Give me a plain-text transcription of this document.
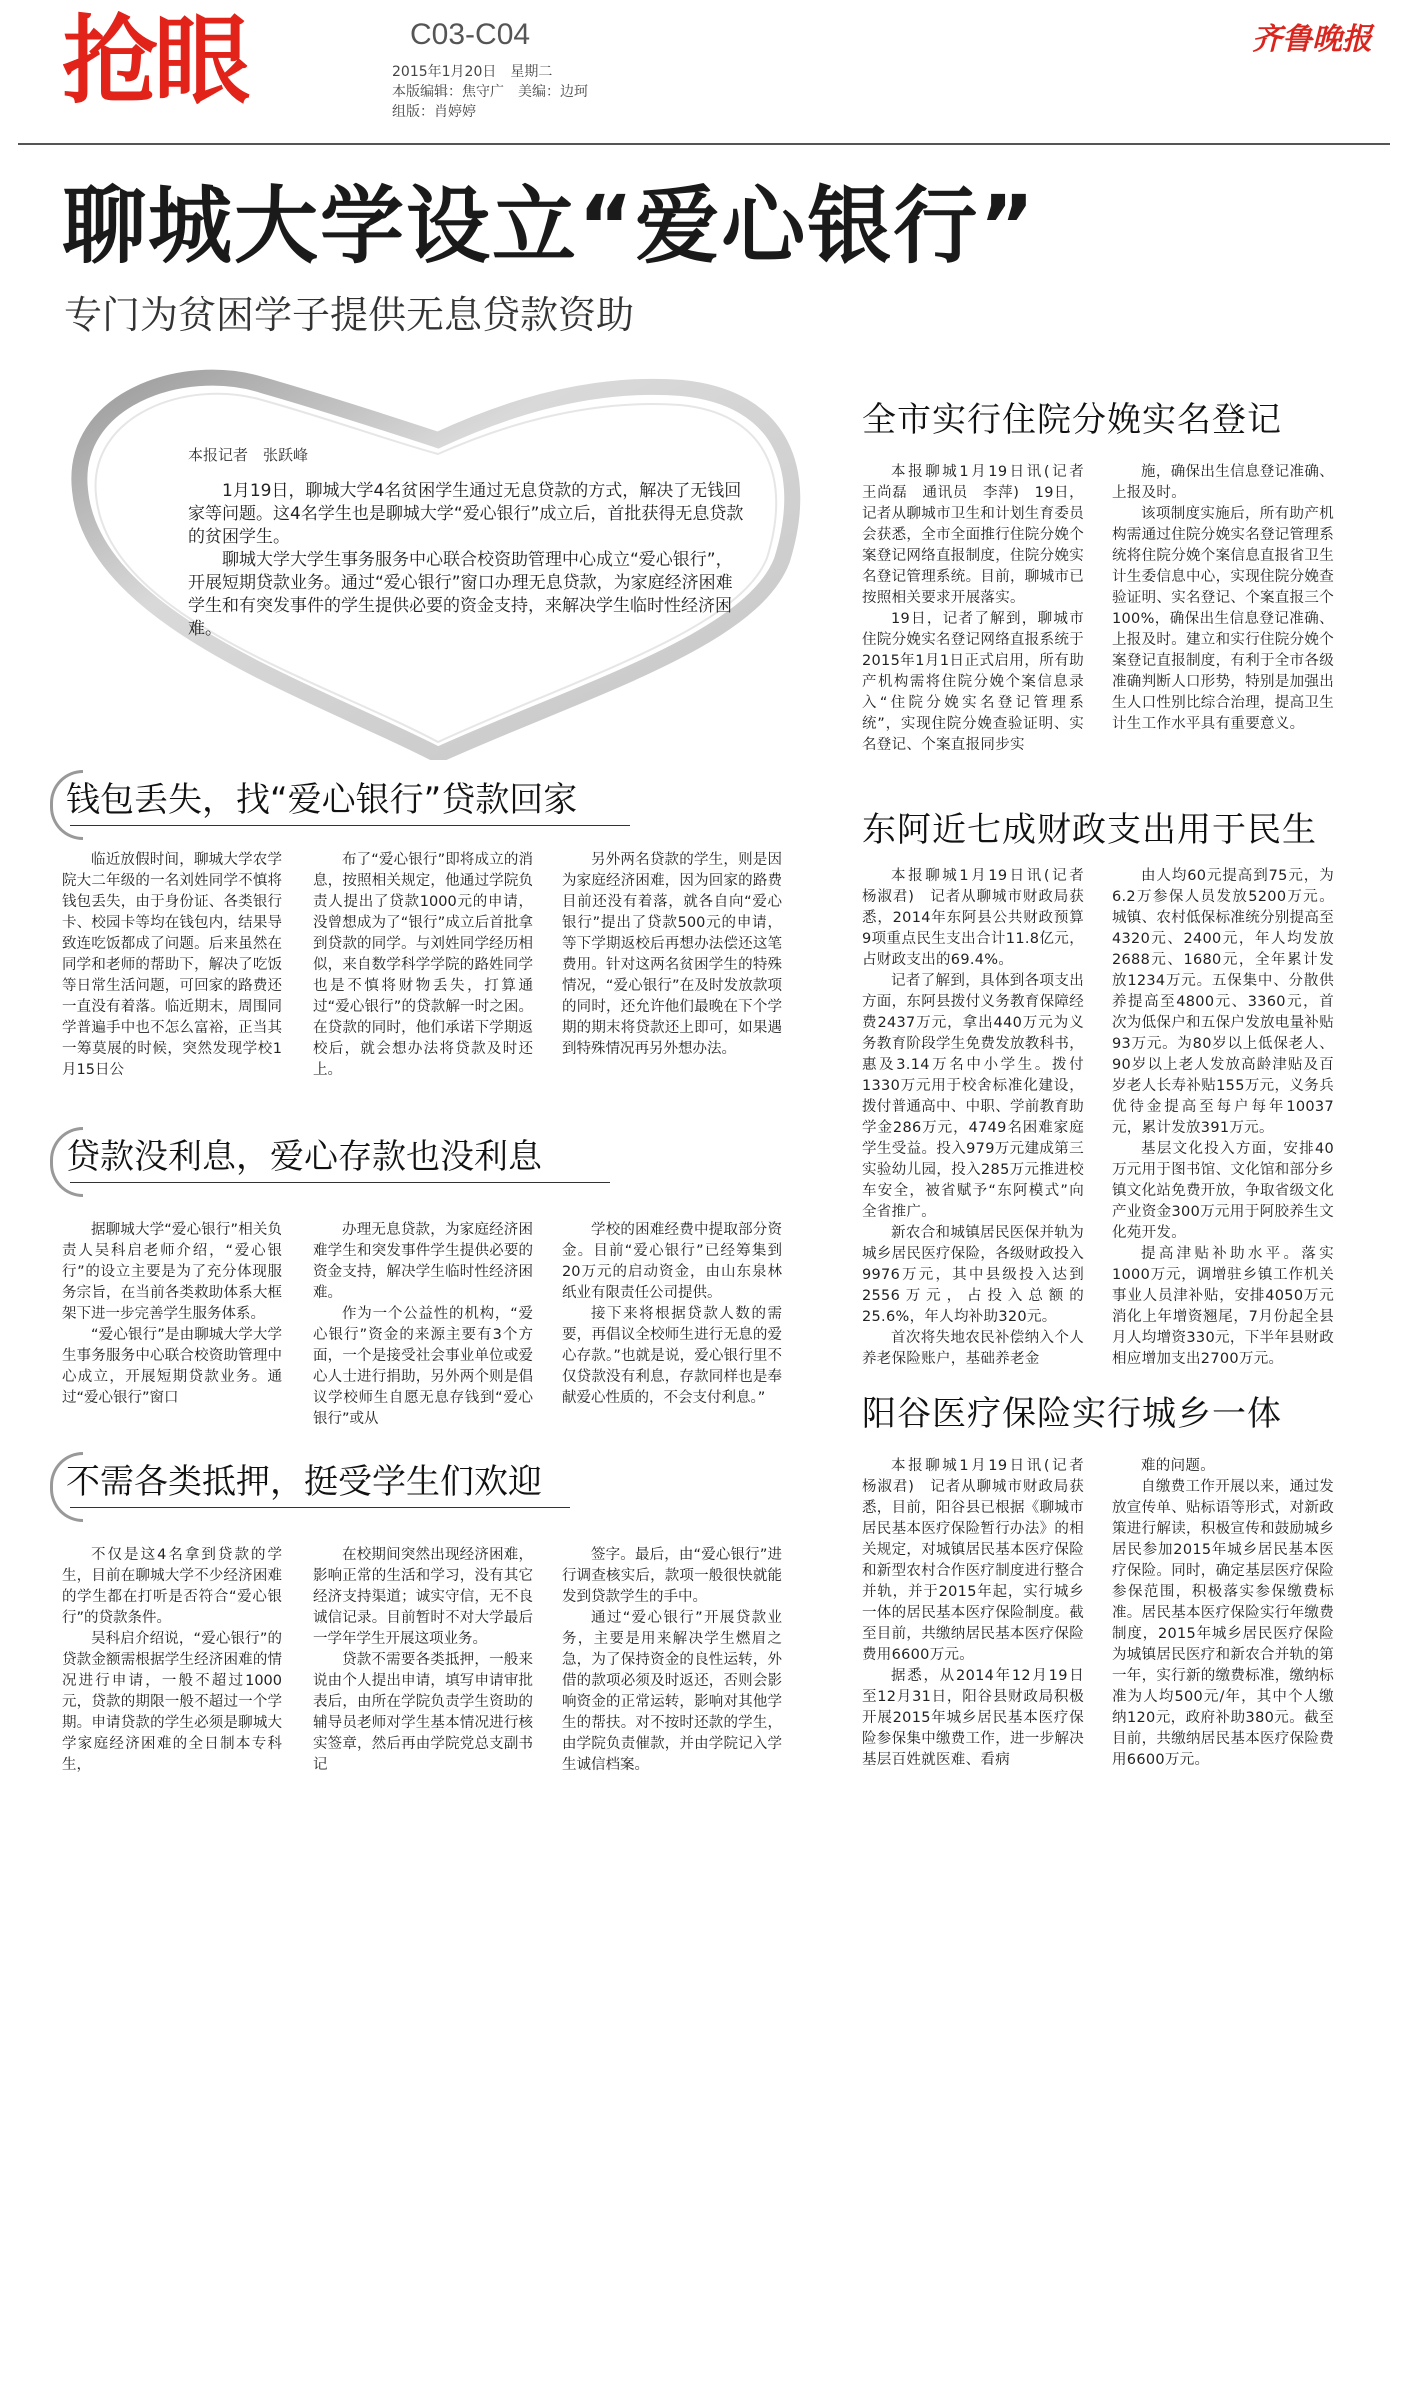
抢眼	C03-C04
2015年1月20日　星期二
本版编辑：焦守广　美编：边珂
组版：肖婷婷
齐鲁晚报
聊城大学设立“爱心银行”
专门为贫困学子提供无息贷款资助
本报记者　张跃峰

1月19日，聊城大学4名贫困学生通过无息贷款的方式，解决了无钱回家等问题。这4名学生也是聊城大学“爱心银行”成立后，首批获得无息贷款的贫困学生。

聊城大学大学生事务服务中心联合校资助管理中心成立“爱心银行”，开展短期贷款业务。通过“爱心银行”窗口办理无息贷款，为家庭经济困难学生和有突发事件的学生提供必要的资金支持，来解决学生临时性经济困难。

钱包丢失，找“爱心银行”贷款回家

临近放假时间，聊城大学农学院大二年级的一名刘姓同学不慎将钱包丢失，由于身份证、各类银行卡、校园卡等均在钱包内，结果导致连吃饭都成了问题。后来虽然在同学和老师的帮助下，解决了吃饭等日常生活问题，可回家的路费还一直没有着落。临近期末，周围同学普遍手中也不怎么富裕，正当其一筹莫展的时候，突然发现学校1月15日公

布了“爱心银行”即将成立的消息，按照相关规定，他通过学院负责人提出了贷款1000元的申请，没曾想成为了“银行”成立后首批拿到贷款的同学。与刘姓同学经历相似，来自数学科学学院的路姓同学也是不慎将财物丢失，打算通过“爱心银行”的贷款解一时之困。在贷款的同时，他们承诺下学期返校后，就会想办法将贷款及时还上。

另外两名贷款的学生，则是因为家庭经济困难，因为回家的路费目前还没有着落，就各自向“爱心银行”提出了贷款500元的申请，等下学期返校后再想办法偿还这笔费用。针对这两名贫困学生的特殊情况，“爱心银行”在及时发放款项的同时，还允许他们最晚在下个学期的期末将贷款还上即可，如果遇到特殊情况再另外想办法。

贷款没利息，爱心存款也没利息

据聊城大学“爱心银行”相关负责人吴科启老师介绍，“爱心银行”的设立主要是为了充分体现服务宗旨，在当前各类救助体系大框架下进一步完善学生服务体系。

“爱心银行”是由聊城大学大学生事务服务中心联合校资助管理中心成立，开展短期贷款业务。通过“爱心银行”窗口

办理无息贷款，为家庭经济困难学生和突发事件学生提供必要的资金支持，解决学生临时性经济困难。

作为一个公益性的机构，“爱心银行”资金的来源主要有3个方面，一个是接受社会事业单位或爱心人士进行捐助，另外两个则是倡议学校师生自愿无息存钱到“爱心银行”或从

学校的困难经费中提取部分资金。目前“爱心银行”已经筹集到20万元的启动资金，由山东泉林纸业有限责任公司提供。

接下来将根据贷款人数的需要，再倡议全校师生进行无息的爱心存款。”也就是说，爱心银行里不仅贷款没有利息，存款同样也是奉献爱心性质的，不会支付利息。”

不需各类抵押，挺受学生们欢迎

不仅是这4名拿到贷款的学生，目前在聊城大学不少经济困难的学生都在打听是否符合“爱心银行”的贷款条件。

吴科启介绍说，“爱心银行”的贷款金额需根据学生经济困难的情况进行申请，一般不超过1000元，贷款的期限一般不超过一个学期。申请贷款的学生必须是聊城大学家庭经济困难的全日制本专科生，

在校期间突然出现经济困难，影响正常的生活和学习，没有其它经济支持渠道；诚实守信，无不良诚信记录。目前暂时不对大学最后一学年学生开展这项业务。

贷款不需要各类抵押，一般来说由个人提出申请，填写申请审批表后，由所在学院负责学生资助的辅导员老师对学生基本情况进行核实签章，然后再由学院党总支副书记

签字。最后，由“爱心银行”进行调查核实后，款项一般很快就能发到贷款学生的手中。

通过“爱心银行”开展贷款业务，主要是用来解决学生燃眉之急，为了保持资金的良性运转，外借的款项必须及时返还，否则会影响资金的正常运转，影响对其他学生的帮扶。对不按时还款的学生，由学院负责催款，并由学院记入学生诚信档案。

全市实行住院分娩实名登记

本报聊城1月19日讯(记者　王尚磊　通讯员　李萍)　19日，记者从聊城市卫生和计划生育委员会获悉，全市全面推行住院分娩个案登记网络直报制度，住院分娩实名登记管理系统。目前，聊城市已按照相关要求开展落实。

19日，记者了解到，聊城市住院分娩实名登记网络直报系统于2015年1月1日正式启用，所有助产机构需将住院分娩个案信息录入“住院分娩实名登记管理系统”，实现住院分娩查验证明、实名登记、个案直报同步实

施，确保出生信息登记准确、上报及时。

该项制度实施后，所有助产机构需通过住院分娩实名登记管理系统将住院分娩个案信息直报省卫生计生委信息中心，实现住院分娩查验证明、实名登记、个案直报三个100%，确保出生信息登记准确、上报及时。建立和实行住院分娩个案登记直报制度，有利于全市各级准确判断人口形势，特别是加强出生人口性别比综合治理，提高卫生计生工作水平具有重要意义。

东阿近七成财政支出用于民生

本报聊城1月19日讯(记者　杨淑君)　记者从聊城市财政局获悉，2014年东阿县公共财政预算9项重点民生支出合计11.8亿元，占财政支出的69.4%。

记者了解到，具体到各项支出方面，东阿县拨付义务教育保障经费2437万元，拿出440万元为义务教育阶段学生免费发放教科书，惠及3.14万名中小学生。拨付1330万元用于校舍标准化建设，拨付普通高中、中职、学前教育助学金286万元，4749名困难家庭学生受益。投入979万元建成第三实验幼儿园，投入285万元推进校车安全，被省赋予“东阿模式”向全省推广。

新农合和城镇居民医保并轨为城乡居民医疗保险，各级财政投入9976万元，其中县级投入达到2556万元，占投入总额的25.6%，年人均补助320元。

首次将失地农民补偿纳入个人养老保险账户，基础养老金

由人均60元提高到75元，为6.2万参保人员发放5200万元。城镇、农村低保标准统分别提高至4320元、2400元，年人均发放2688元、1680元，全年累计发放1234万元。五保集中、分散供养提高至4800元、3360元，首次为低保户和五保户发放电量补贴93万元。为80岁以上低保老人、90岁以上老人发放高龄津贴及百岁老人长寿补贴155万元，义务兵优待金提高至每户每年10037元，累计发放391万元。

基层文化投入方面，安排40万元用于图书馆、文化馆和部分乡镇文化站免费开放，争取省级文化产业资金300万元用于阿胶养生文化苑开发。

提高津贴补助水平。落实1000万元，调增驻乡镇工作机关事业人员津补贴，安排4050万元消化上年增资翘尾，7月份起全县月人均增资330元，下半年县财政相应增加支出2700万元。

阳谷医疗保险实行城乡一体

本报聊城1月19日讯(记者　杨淑君)　记者从聊城市财政局获悉，目前，阳谷县已根据《聊城市居民基本医疗保险暂行办法》的相关规定，对城镇居民基本医疗保险和新型农村合作医疗制度进行整合并轨，并于2015年起，实行城乡一体的居民基本医疗保险制度。截至目前，共缴纳居民基本医疗保险费用6600万元。

据悉，从2014年12月19日至12月31日，阳谷县财政局积极开展2015年城乡居民基本医疗保险参保集中缴费工作，进一步解决基层百姓就医难、看病

难的问题。

自缴费工作开展以来，通过发放宣传单、贴标语等形式，对新政策进行解读，积极宣传和鼓励城乡居民参加2015年城乡居民基本医疗保险。同时，确定基层医疗保险参保范围，积极落实参保缴费标准。居民基本医疗保险实行年缴费制度，2015年城乡居民医疗保险为城镇居民医疗和新农合并轨的第一年，实行新的缴费标准，缴纳标准为人均500元/年，其中个人缴纳120元，政府补助380元。截至目前，共缴纳居民基本医疗保险费用6600万元。
